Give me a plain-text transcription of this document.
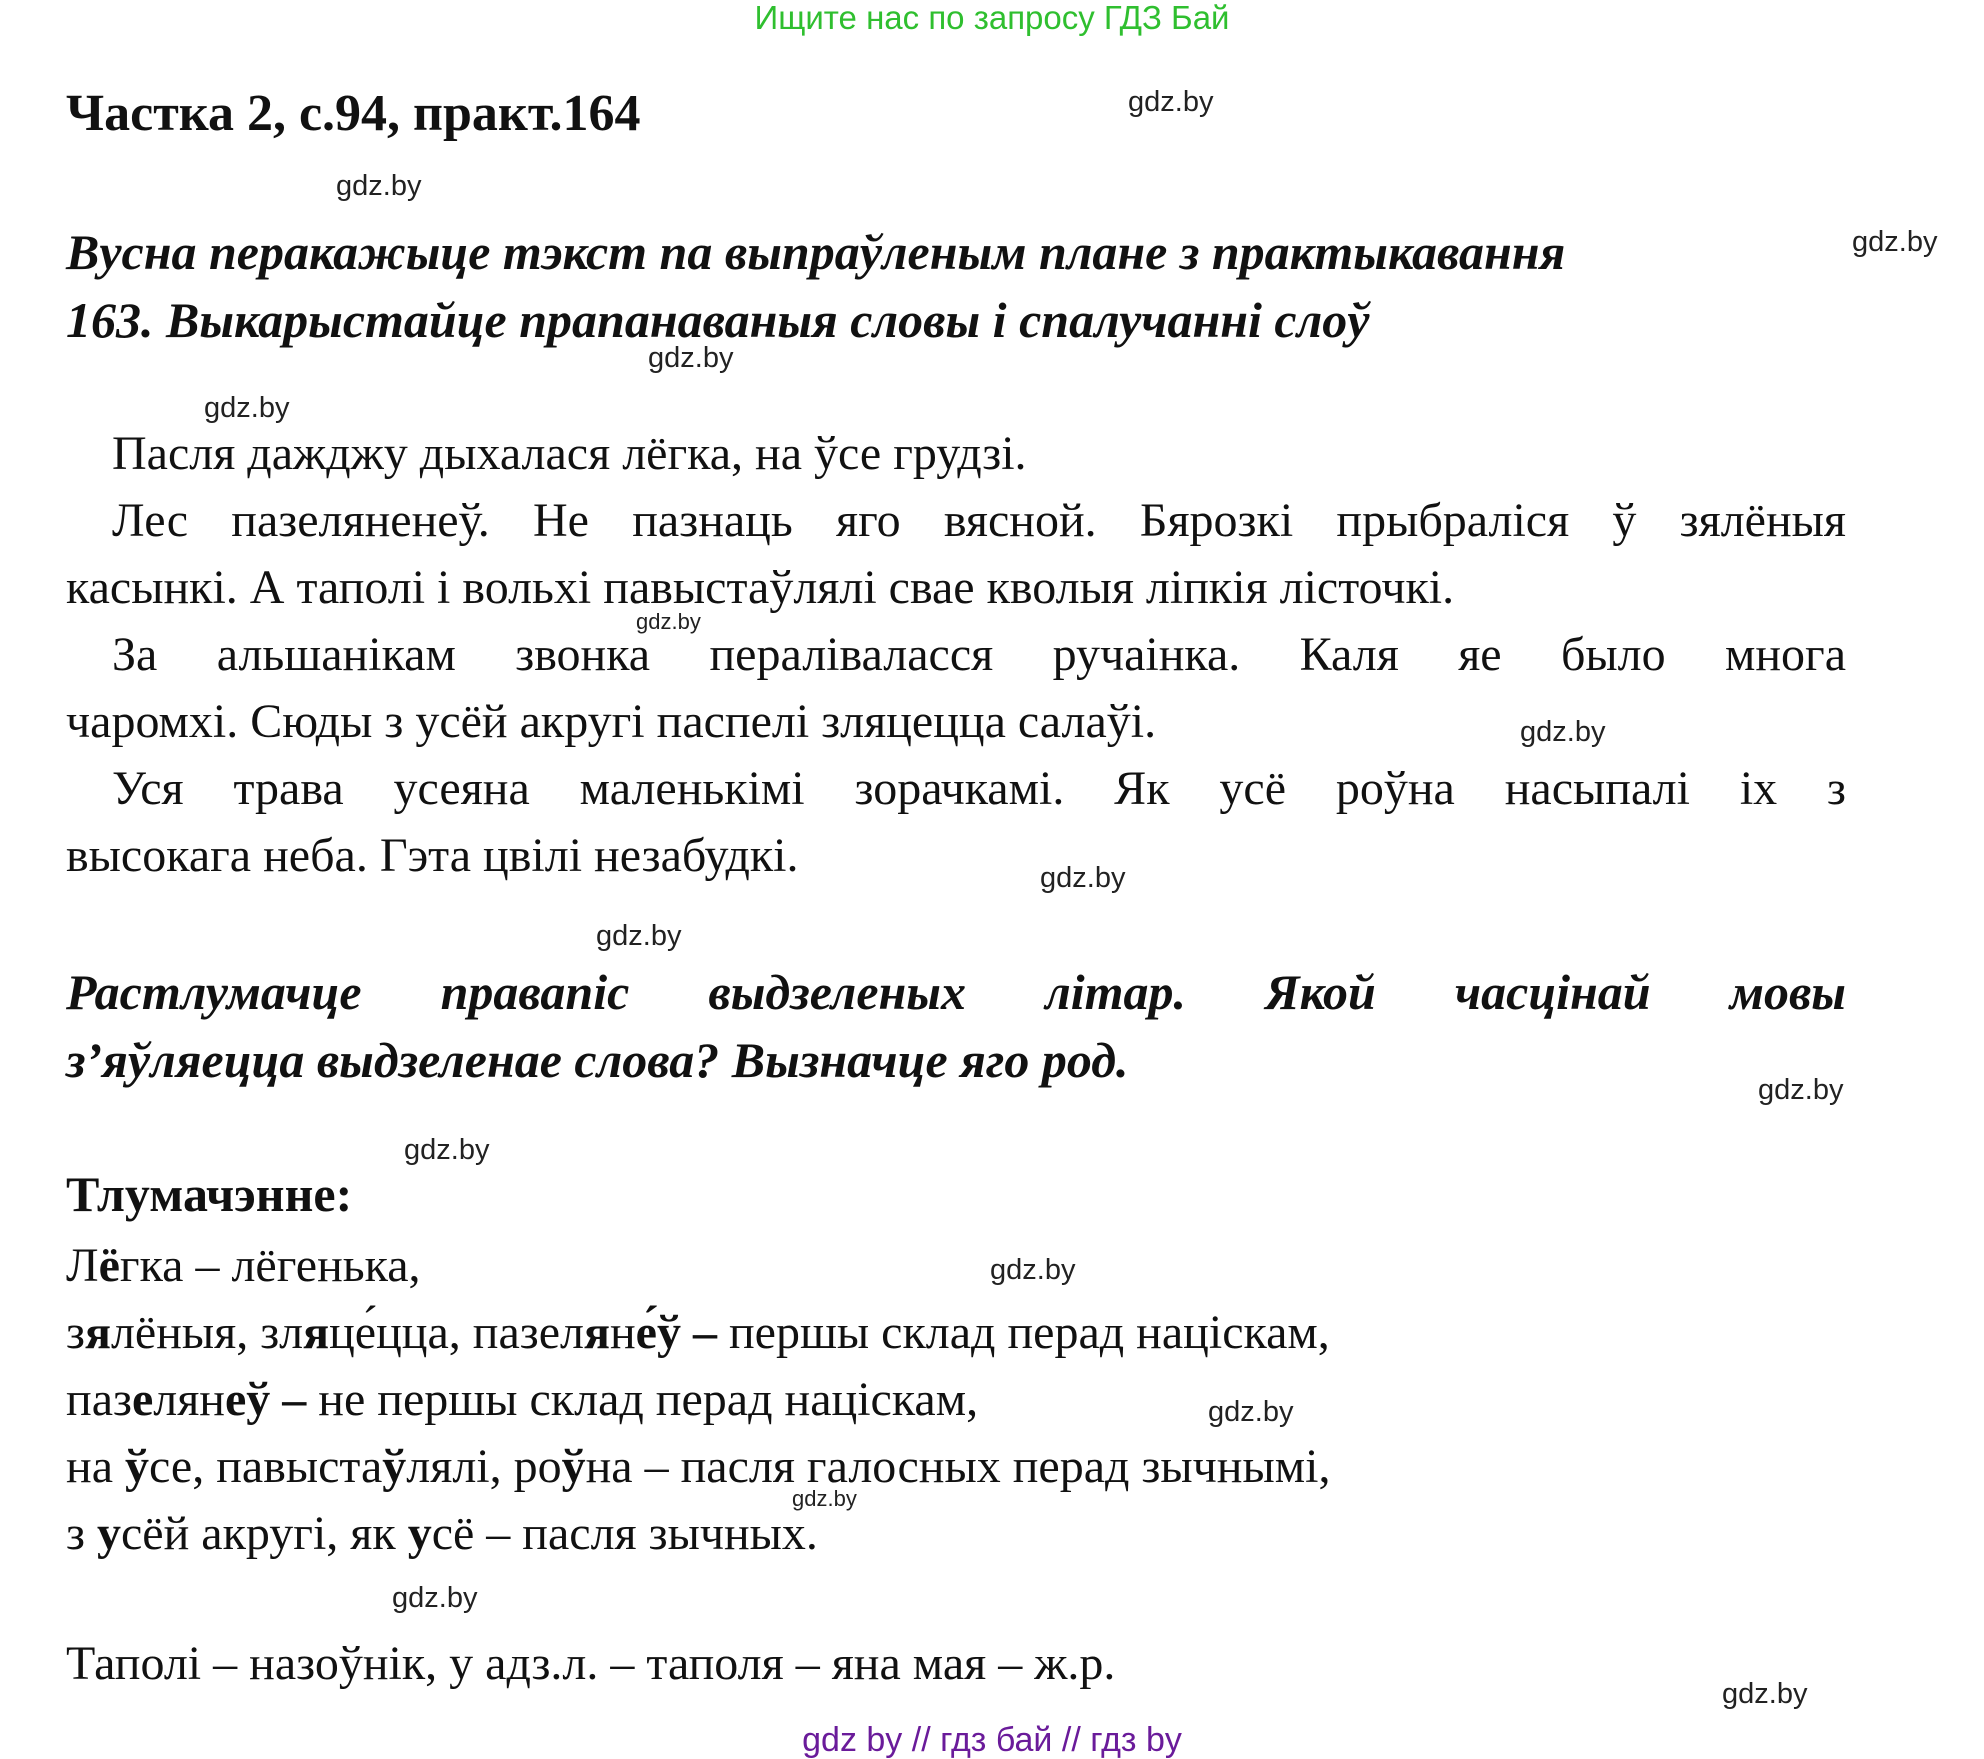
Ищите нас по запросу ГДЗ Бай
Частка 2, с.94, практ.164
Вусна перакажыце тэкст па выпраўленым плане з практыкавання
163. Выкарыстайце прапанаваныя словы і спалучанні слоў
Пасля дажджу дыхалася лёгка, на ўсе грудзі.
Лес пазеляненеў. Не пазнаць яго вясной. Бярозкі прыбраліся ў зялёныя
касынкі. А таполі і вольхі павыстаўлялі свае кволыя ліпкія лісточкі.
За альшанікам звонка пераліваласся ручаінка. Каля яе было многа
чаромхі. Сюды з усёй акругі паспелі зляцецца салаўі.
Уся трава усеяна маленькімі зорачкамі. Як усё роўна насыпалі іх з
высокага неба. Гэта цвілі незабудкі.
Растлумачце правапіс выдзеленых літар. Якой часцінай мовы
з’яўляецца выдзеленае слова? Вызначце яго род.
Тлумачэнне:
Лёгка – лёгенька,
зялёныя, зляце́цца, пазеляне́ў – першы склад перад націскам,
пазелянеў – не першы склад перад націскам,
на ўсе, павыстаўлялі, роўна – пасля галосных перад зычнымі,
з усёй акругі, як усё – пасля зычных.
Таполі – назоўнік, у адз.л. – таполя – яна мая – ж.р.
gdz.by
gdz.by
gdz.by
gdz.by
gdz.by
gdz.by
gdz.by
gdz.by
gdz.by
gdz.by
gdz.by
gdz.by
gdz.by
gdz.by
gdz.by
gdz.by
gdz by // гдз бай // гдз by
